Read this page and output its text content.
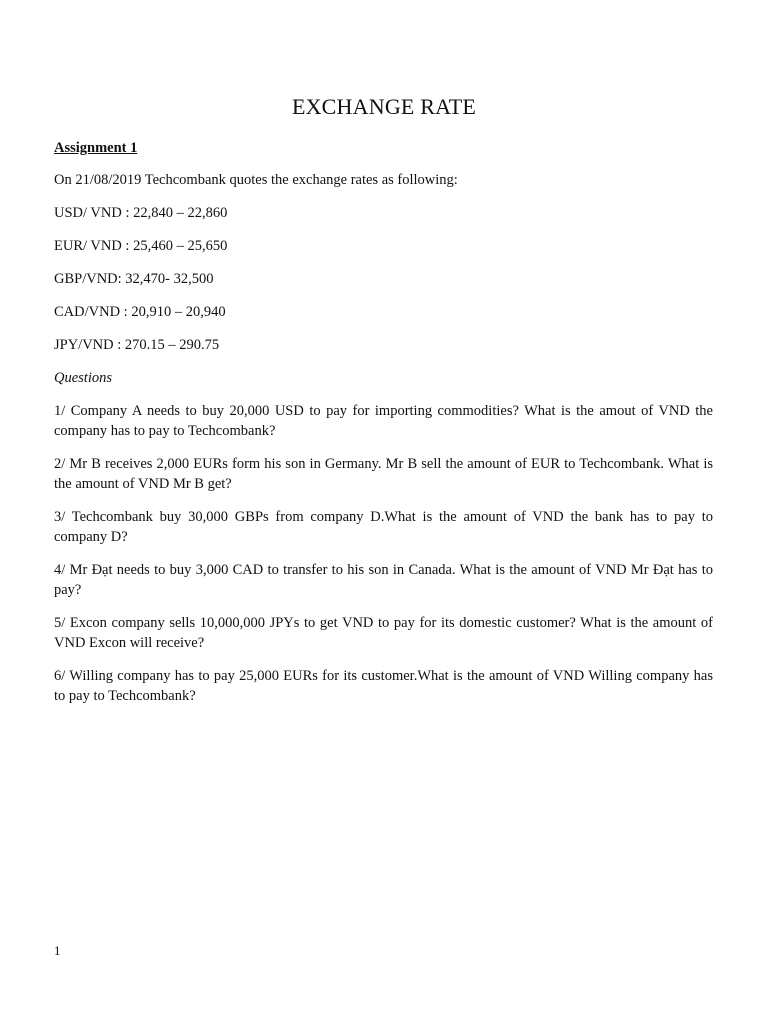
EXCHANGE RATE

Assignment 1

On 21/08/2019 Techcombank quotes the exchange rates as following:

USD/ VND : 22,840 – 22,860

EUR/ VND : 25,460 – 25,650

GBP/VND: 32,470- 32,500

CAD/VND : 20,910 – 20,940

JPY/VND : 270.15 – 290.75

Questions

1/ Company A needs to buy 20,000 USD to pay for importing commodities? What is the amout of VND the company has to pay to Techcombank?

2/ Mr B receives 2,000 EURs form his son in Germany. Mr B sell the amount of EUR to Techcombank. What is the amount of VND Mr B get?

3/ Techcombank buy 30,000 GBPs from company D.What is the amount of VND the bank has to pay to company D?

4/ Mr Đạt needs to buy 3,000 CAD to transfer to his son in Canada. What is the amount of VND Mr Đạt has to pay?

5/ Excon company sells 10,000,000 JPYs to get VND to pay for its domestic customer? What is the amount of VND Excon will receive?

6/ Willing company has to pay 25,000 EURs for its customer.What is the amount of VND Willing company has to pay to Techcombank?

1
